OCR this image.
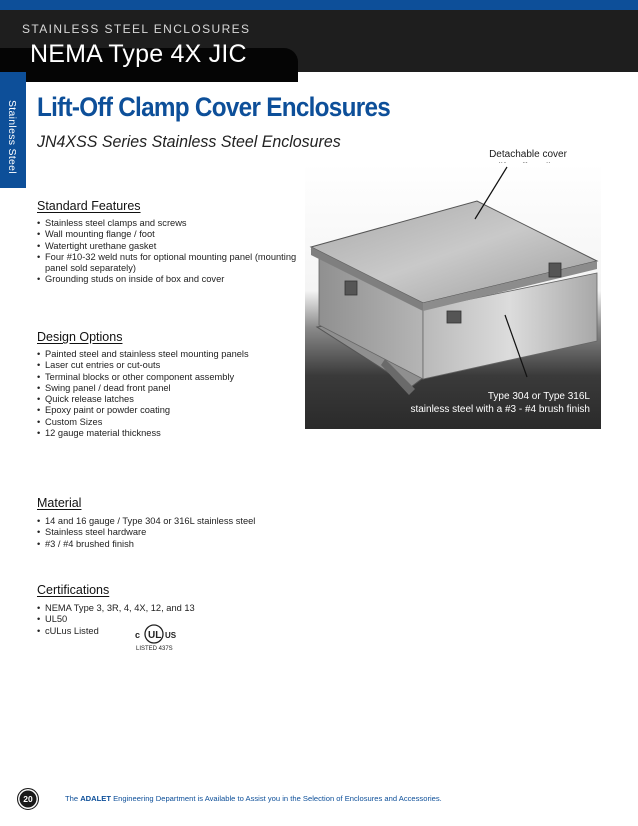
STAINLESS STEEL ENCLOSURES
NEMA Type 4X JIC
Stainless Steel Lift-Off Clamp Cover Enclosures
JN4XSS Series Stainless Steel Enclosures
Detachable cover
Type 304 or Type 316L
stainless steel with a #3 - #4 brush finish
Standard Features
• Stainless steel clamps and screws
• Wall mounting flange / foot
• Watertight urethane gasket
• Four #10-32 weld nuts for optional mounting panel (mounting panel sold separately)
• Grounding studs on inside of box and cover
Design Options
• Painted steel and stainless steel mounting panels
• Laser cut entries or cut-outs
• Terminal blocks or other component assembly
• Swing panel / dead front panel
• Quick release latches
• Epoxy paint or powder coating
• Custom Sizes
• 12 gauge material thickness
Material
• 14 and 16 gauge / Type 304 or 316L stainless steel
• Stainless steel hardware
• #3 / #4 brushed finish
Certifications
• NEMA Type 3, 3R, 4, 4X, 12, and 13
• UL50
• cULus Listed	c UL US
LISTED 437S
20	The ADALET Engineering Department is Available to Assist you in the Selection of Enclosures and Accessories.
